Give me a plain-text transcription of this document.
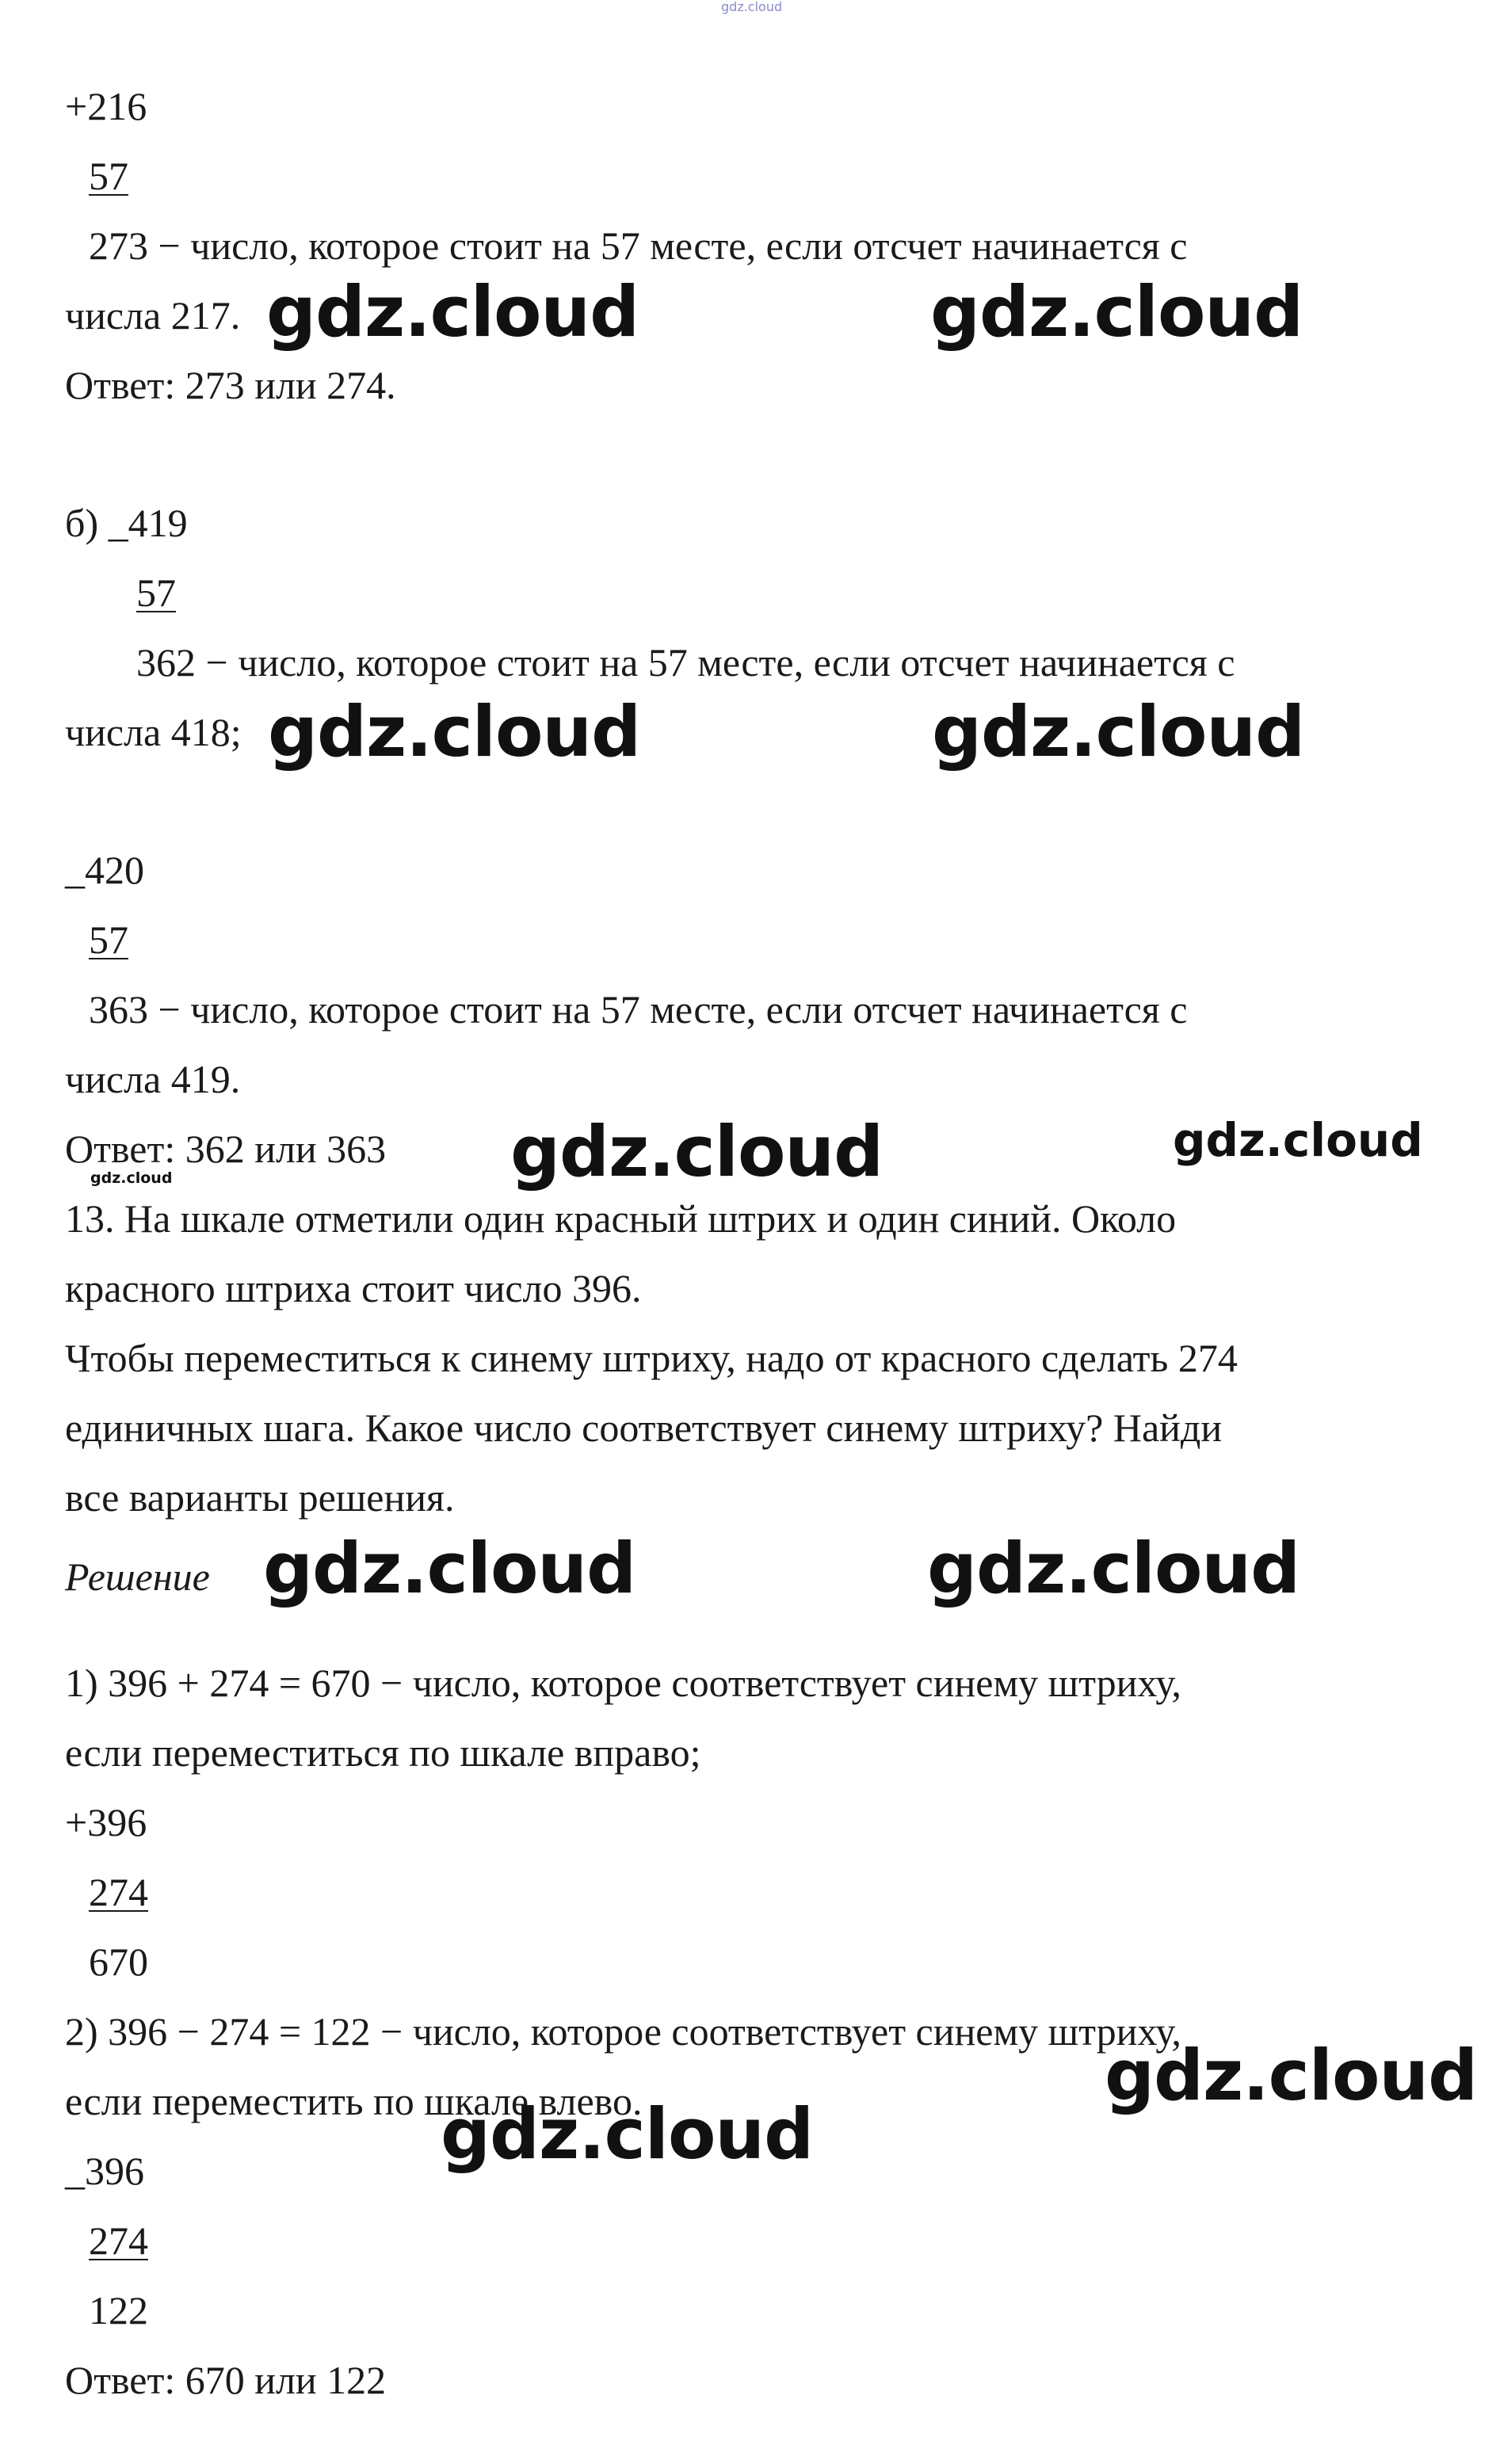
gdz.cloud
+216
57
273 − число, которое стоит на 57 месте, если отсчет начинается с
числа 217.
Ответ: 273 или 274.
gdz.cloud	gdz.cloud
б) _419
57
362 − число, которое стоит на 57 месте, если отсчет начинается с
числа 418; gdz.cloud	gdz.cloud
_420
57
363 − число, которое стоит на 57 месте, если отсчет начинается с
числа 419.
Ответ: 362 или 363 gdz.cloud	gdz.cloud
gdz.cloud
13. На шкале отметили один красный штрих и один синий. Около
красного штриха стоит число 396.
Чтобы переместиться к синему штриху, надо от красного сделать 274
единичных шага. Какое число соответствует синему штриху? Найди
все варианты решения.
Решение gdz.cloud	gdz.cloud
1) 396 + 274 = 670 − число, которое соответствует синему штриху,
если переместиться по шкале вправо;
+396
274
670
2) 396 − 274 = 122 − число, которое соответствует синему штриху,
если переместить по шкале влево.	gdz.cloud
gdz.cloud
_396
274
122
Ответ: 670 или 122
